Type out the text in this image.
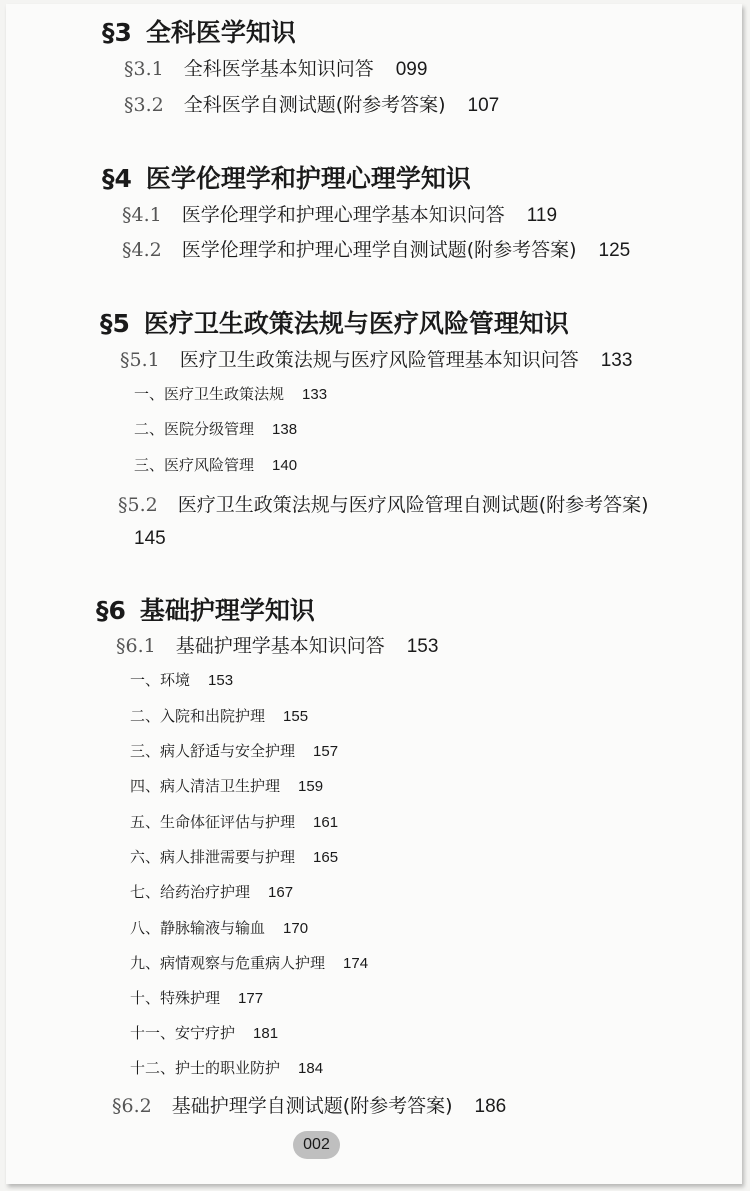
§3 全科医学知识
§3.1 全科医学基本知识问答 099
§3.2 全科医学自测试题(附参考答案) 107
§4 医学伦理学和护理心理学知识
§4.1 医学伦理学和护理心理学基本知识问答 119
§4.2 医学伦理学和护理心理学自测试题(附参考答案) 125
§5 医疗卫生政策法规与医疗风险管理知识
§5.1 医疗卫生政策法规与医疗风险管理基本知识问答 133
一、医疗卫生政策法规 133
二、医院分级管理 138
三、医疗风险管理 140
§5.2 医疗卫生政策法规与医疗风险管理自测试题(附参考答案)
145
§6 基础护理学知识
§6.1 基础护理学基本知识问答 153
一、环境 153
二、入院和出院护理 155
三、病人舒适与安全护理 157
四、病人清洁卫生护理 159
五、生命体征评估与护理 161
六、病人排泄需要与护理 165
七、给药治疗护理 167
八、静脉输液与输血 170
九、病情观察与危重病人护理 174
十、特殊护理 177
十一、安宁疗护 181
十二、护士的职业防护 184
§6.2 基础护理学自测试题(附参考答案) 186
002
